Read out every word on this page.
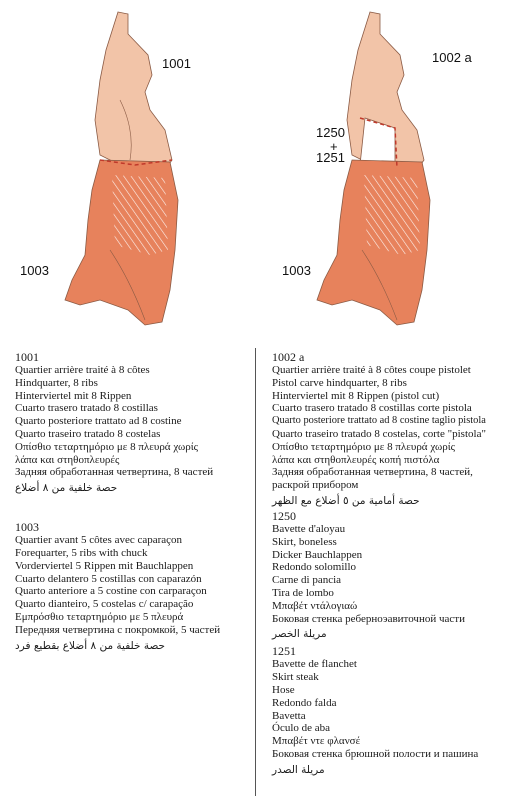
1001
1003
1002 a
1250
+
1251
1003
1001
Quartier arrière traité à 8 côtes
Hindquarter, 8 ribs
Hinterviertel mit 8 Rippen
Cuarto trasero tratado 8 costillas
Quarto posteriore trattato ad 8 costine
Quarto traseiro tratado 8 costelas
Οπίσθιο τεταρτημόριο με 8 πλευρά χωρίς
λάπα και στηθοπλευρές
Задняя обработанная четвертина, 8 частей
حصة خلفية من ٨ أضلاع
1003
Quartier avant 5 côtes avec caparaçon
Forequarter, 5 ribs with chuck
Vorderviertel 5 Rippen mit Bauchlappen
Cuarto delantero 5 costillas con caparazón
Quarto anteriore a 5 costine con carparaçon
Quarto dianteiro, 5 costelas c/ carapação
Εμπρόσθιο τεταρτημόριο με 5 πλευρά
Передняя четвертина с покромкой, 5 частей
حصة خلفية من ٨ أضلاع بقطيع فرد
1002 a
Quartier arrière traité à 8 côtes coupe pistolet
Pistol carve hindquarter, 8 ribs
Hinterviertel mit 8 Rippen (pistol cut)
Cuarto trasero tratado 8 costillas corte pistola
Quarto posteriore trattato ad 8 costine taglio pistola
Quarto traseiro tratado 8 costelas, corte "pistola"
Οπίσθιο τεταρτημόριο με 8 πλευρά χωρίς
λάπα και στηθοπλευρές κοπή πιστόλα
Задняя обработанная четвертина, 8 частей,
раскрой прибором
حصة أمامية من ٥ أضلاع مع الظهر
1250
Bavette d'aloyau
Skirt, boneless
Dicker Bauchlappen
Redondo solomillo
Carne di pancia
Tira de lombo
Μπαβέτ ντάλογιαώ
Боковая стенка реберноэавиточной части
مريلة الخصر
1251
Bavette de flanchet
Skirt steak
Hose
Redondo falda
Bavetta
Óculo de aba
Μπαβέτ ντε φλανσέ
Боковая стенка брюшной полости и пашина
مريلة الصدر
